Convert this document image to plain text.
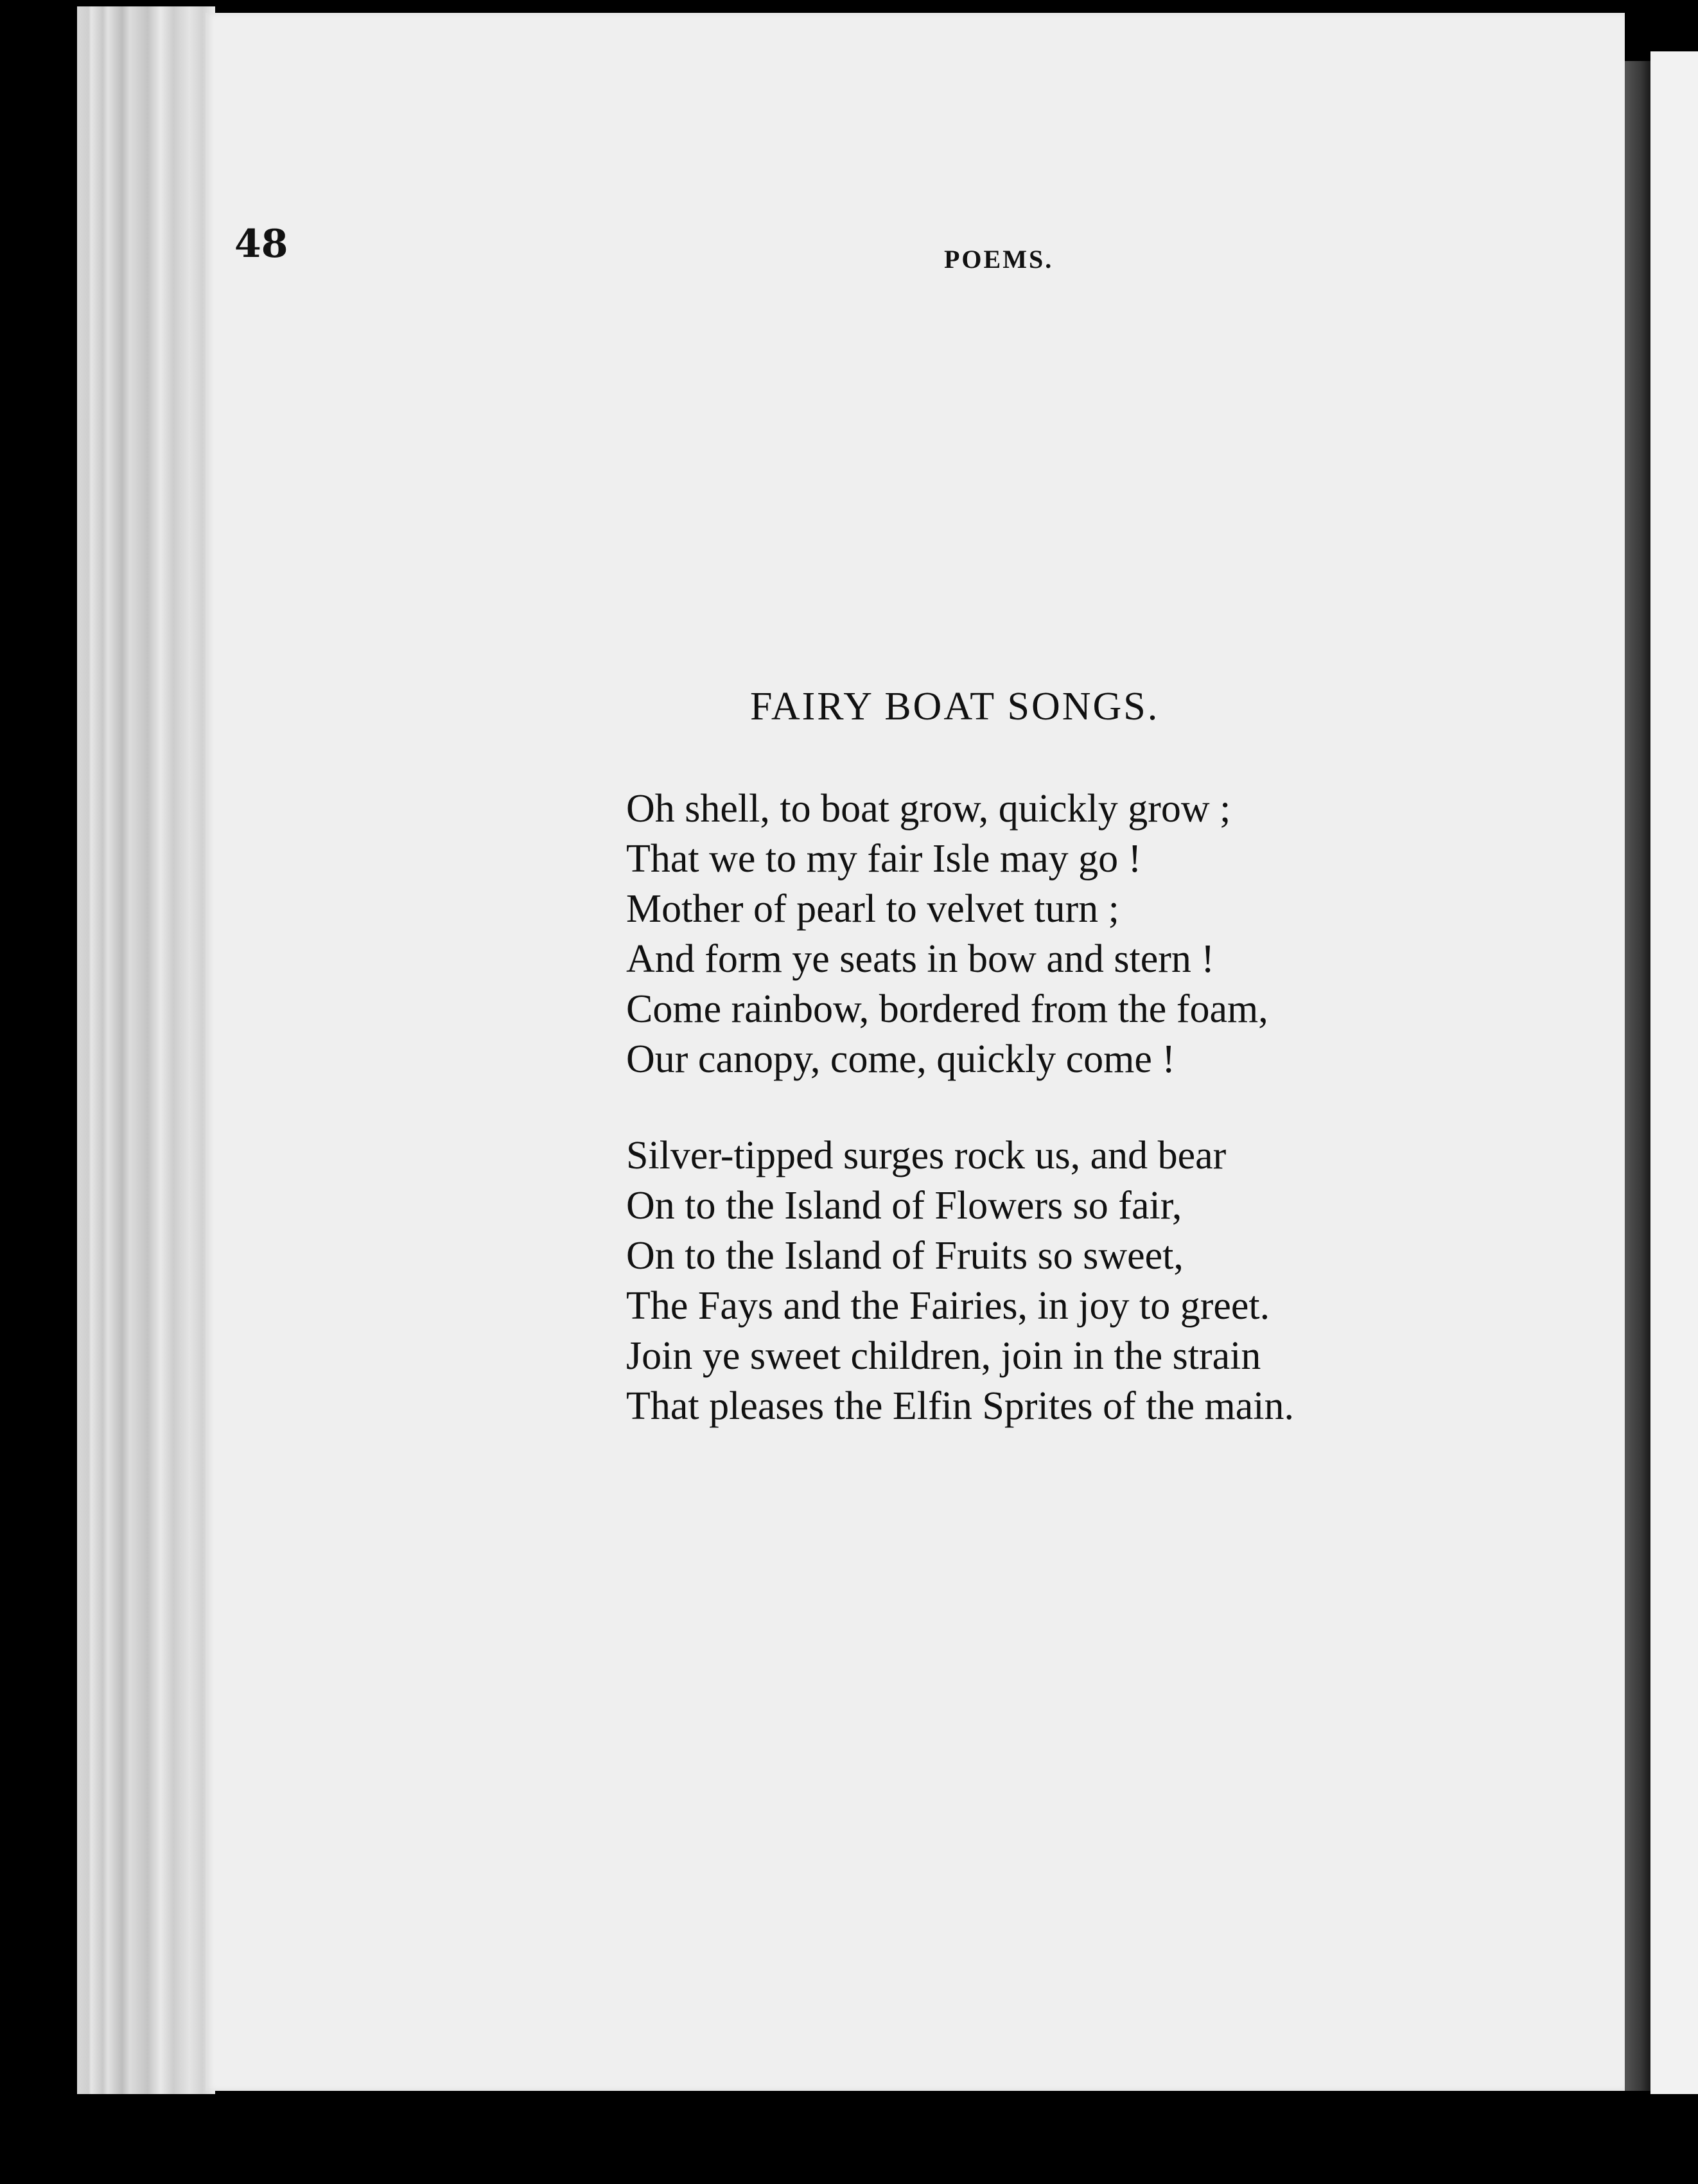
48	POEMS.
FAIRY BOAT SONGS.
Oh shell, to boat grow, quickly grow ;
That we to my fair Isle may go !
Mother of pearl to velvet turn ;
And form ye seats in bow and stern !
Come rainbow, bordered from the foam,
Our canopy, come, quickly come !
Silver-tipped surges rock us, and bear
On to the Island of Flowers so fair,
On to the Island of Fruits so sweet,
The Fays and the Fairies, in joy to greet.
Join ye sweet children, join in the strain
That pleases the Elfin Sprites of the main.
